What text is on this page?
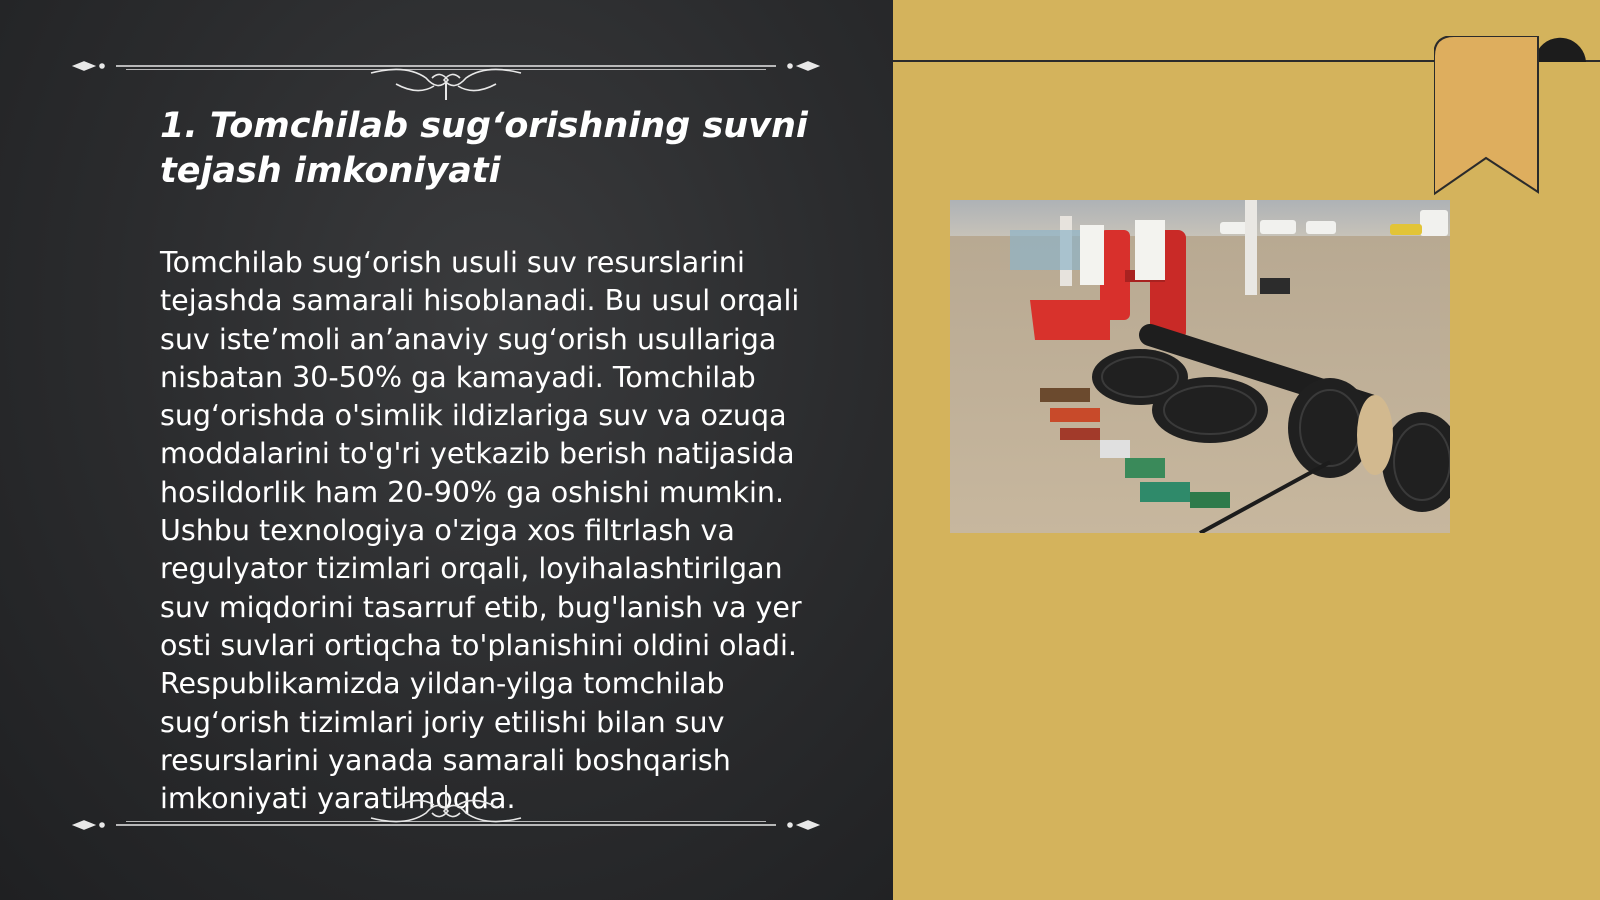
1. Tomchilab sugʻorishning suvni tejash imkoniyati

Tomchilab sugʻorish usuli suv resurslarini tejashda samarali hisoblanadi. Bu usul orqali suv isteʼmoli anʼanaviy sugʻorish usullariga nisbatan 30-50% ga kamayadi. Tomchilab sugʻorishda o'simlik ildizlariga suv va ozuqa moddalarini to'g'ri yetkazib berish natijasida hosildorlik ham 20-90% ga oshishi mumkin. Ushbu texnologiya o'ziga xos filtrlash va regulyator tizimlari orqali, loyihalashtirilgan suv miqdorini tasarruf etib, bug'lanish va yer osti suvlari ortiqcha to'planishini oldini oladi. Respublikamizda yildan-yilga tomchilab sugʻorish tizimlari joriy etilishi bilan suv resurslarini yanada samarali boshqarish imkoniyati yaratilmoqda.
